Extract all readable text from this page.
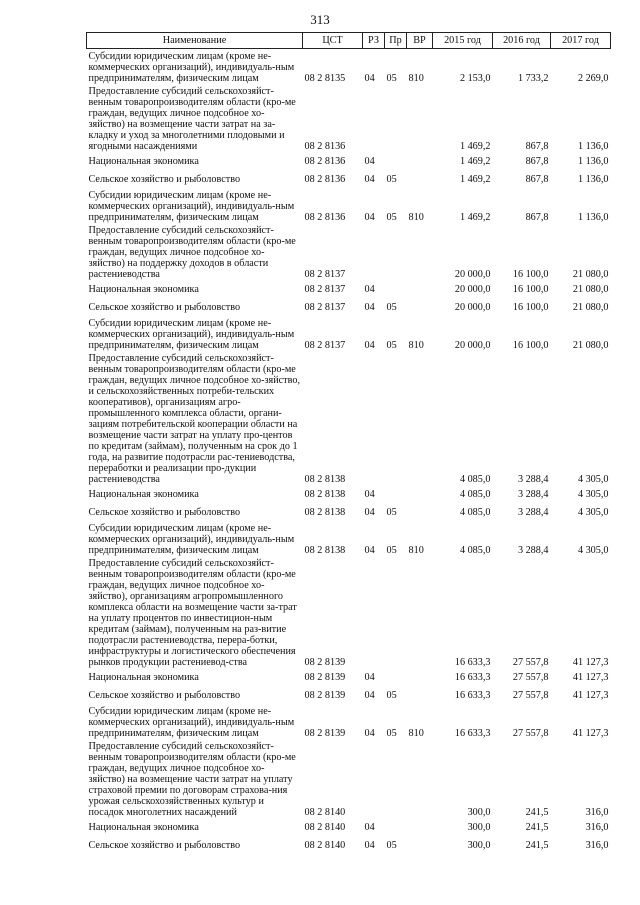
313
Наименование	ЦСТ	РЗ	Пр	ВР	2015 год	2016 год	2017 год
Субсидии юридическим лицам (кроме не-коммерческих организаций), индивидуаль-ным предпринимателям, физическим лицам	08 2 8135	04	05	810	2 153,0	1 733,2	2 269,0
Предоставление субсидий сельскохозяйст-венным товаропроизводителям области (кро-ме граждан, ведущих личное подсобное хо-зяйство) на возмещение части затрат на за-кладку и уход за многолетними плодовыми и ягодными насаждениями	08 2 8136				1 469,2	867,8	1 136,0
Национальная экономика	08 2 8136	04			1 469,2	867,8	1 136,0
Сельское хозяйство и рыболовство	08 2 8136	04	05		1 469,2	867,8	1 136,0
Субсидии юридическим лицам (кроме не-коммерческих организаций), индивидуаль-ным предпринимателям, физическим лицам	08 2 8136	04	05	810	1 469,2	867,8	1 136,0
Предоставление субсидий сельскохозяйст-венным товаропроизводителям области (кро-ме граждан, ведущих личное подсобное хо-зяйство) на поддержку доходов в области растениеводства	08 2 8137				20 000,0	16 100,0	21 080,0
Национальная экономика	08 2 8137	04			20 000,0	16 100,0	21 080,0
Сельское хозяйство и рыболовство	08 2 8137	04	05		20 000,0	16 100,0	21 080,0
Субсидии юридическим лицам (кроме не-коммерческих организаций), индивидуаль-ным предпринимателям, физическим лицам	08 2 8137	04	05	810	20 000,0	16 100,0	21 080,0
Предоставление субсидий сельскохозяйст-венным товаропроизводителям области (кро-ме граждан, ведущих личное подсобное хо-зяйство, и сельскохозяйственных потреби-тельских кооперативов), организациям агро-промышленного комплекса области, органи-зациям потребительской кооперации области на возмещение части затрат на уплату про-центов по кредитам (займам), полученным на срок до 1 года, на развитие подотрасли рас-тениеводства, переработки и реализации про-дукции растениеводства	08 2 8138				4 085,0	3 288,4	4 305,0
Национальная экономика	08 2 8138	04			4 085,0	3 288,4	4 305,0
Сельское хозяйство и рыболовство	08 2 8138	04	05		4 085,0	3 288,4	4 305,0
Субсидии юридическим лицам (кроме не-коммерческих организаций), индивидуаль-ным предпринимателям, физическим лицам	08 2 8138	04	05	810	4 085,0	3 288,4	4 305,0
Предоставление субсидий сельскохозяйст-венным товаропроизводителям области (кро-ме граждан, ведущих личное подсобное хо-зяйство), организациям агропромышленного комплекса области на возмещение части за-трат на уплату процентов по инвестицион-ным кредитам (займам), полученным на раз-витие подотрасли растениеводства, перера-ботки, инфраструктуры и логистического обеспечения рынков продукции растениевод-ства	08 2 8139				16 633,3	27 557,8	41 127,3
Национальная экономика	08 2 8139	04			16 633,3	27 557,8	41 127,3
Сельское хозяйство и рыболовство	08 2 8139	04	05		16 633,3	27 557,8	41 127,3
Субсидии юридическим лицам (кроме не-коммерческих организаций), индивидуаль-ным предпринимателям, физическим лицам	08 2 8139	04	05	810	16 633,3	27 557,8	41 127,3
Предоставление субсидий сельскохозяйст-венным товаропроизводителям области (кро-ме граждан, ведущих личное подсобное хо-зяйство) на возмещение части затрат на уплату страховой премии по договорам страхова-ния урожая сельскохозяйственных культур и посадок многолетних насаждений	08 2 8140				300,0	241,5	316,0
Национальная экономика	08 2 8140	04			300,0	241,5	316,0
Сельское хозяйство и рыболовство	08 2 8140	04	05		300,0	241,5	316,0
